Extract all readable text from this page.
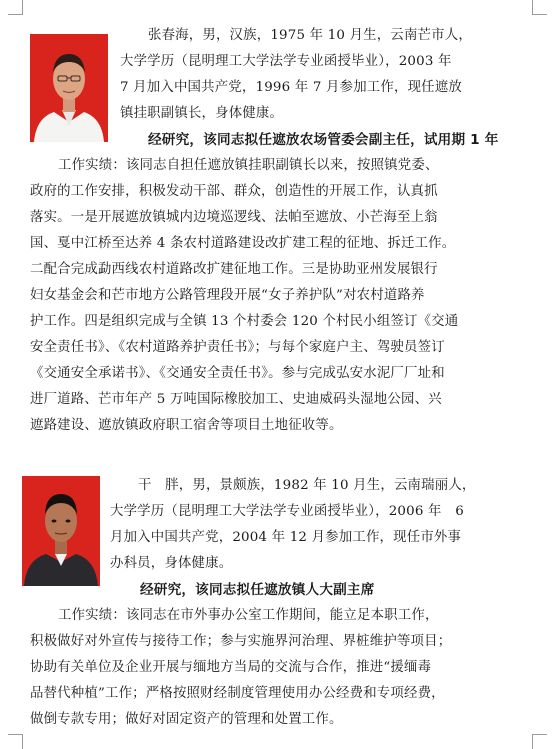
张春海，男，汉族，1975 年 10 月生，云南芒市人，
大学学历（昆明理工大学法学专业函授毕业），2003 年
7 月加入中国共产党，1996 年 7 月参加工作，现任遮放
镇挂职副镇长，身体健康。
经研究，该同志拟任遮放农场管委会副主任，试用期 1 年
工作实绩：该同志自担任遮放镇挂职副镇长以来，按照镇党委、
政府的工作安排，积极发动干部、群众，创造性的开展工作，认真抓
落实。一是开展遮放镇城内边境巡逻线、法帕至遮放、小芒海至上翁
国、戛中江桥至达养 4 条农村道路建设改扩建工程的征地、拆迁工作。
二配合完成勐西线农村道路改扩建征地工作。三是协助亚州发展银行
妇女基金会和芒市地方公路管理段开展“女子养护队”对农村道路养
护工作。四是组织完成与全镇 13 个村委会 120 个村民小组签订《交通
安全责任书》、《农村道路养护责任书》；与每个家庭户主、驾驶员签订
《交通安全承诺书》、《交通安全责任书》。参与完成弘安水泥厂厂址和
进厂道路、芒市年产 5 万吨国际橡胶加工、史迪威码头湿地公园、兴
遮路建设、遮放镇政府职工宿舍等项目土地征收等。
干　胖，男，景颇族，1982 年 10 月生，云南瑞丽人，
大学学历（昆明理工大学法学专业函授毕业），2006 年　6
月加入中国共产党，2004 年 12 月参加工作，现任市外事
办科员，身体健康。
经研究，该同志拟任遮放镇人大副主席
工作实绩：该同志在市外事办公室工作期间，能立足本职工作，
积极做好对外宣传与接待工作；参与实施界河治理、界桩维护等项目；
协助有关单位及企业开展与缅地方当局的交流与合作，推进“援缅毒
品替代种植”工作；严格按照财经制度管理使用办公经费和专项经费，
做倒专款专用；做好对固定资产的管理和处置工作。
